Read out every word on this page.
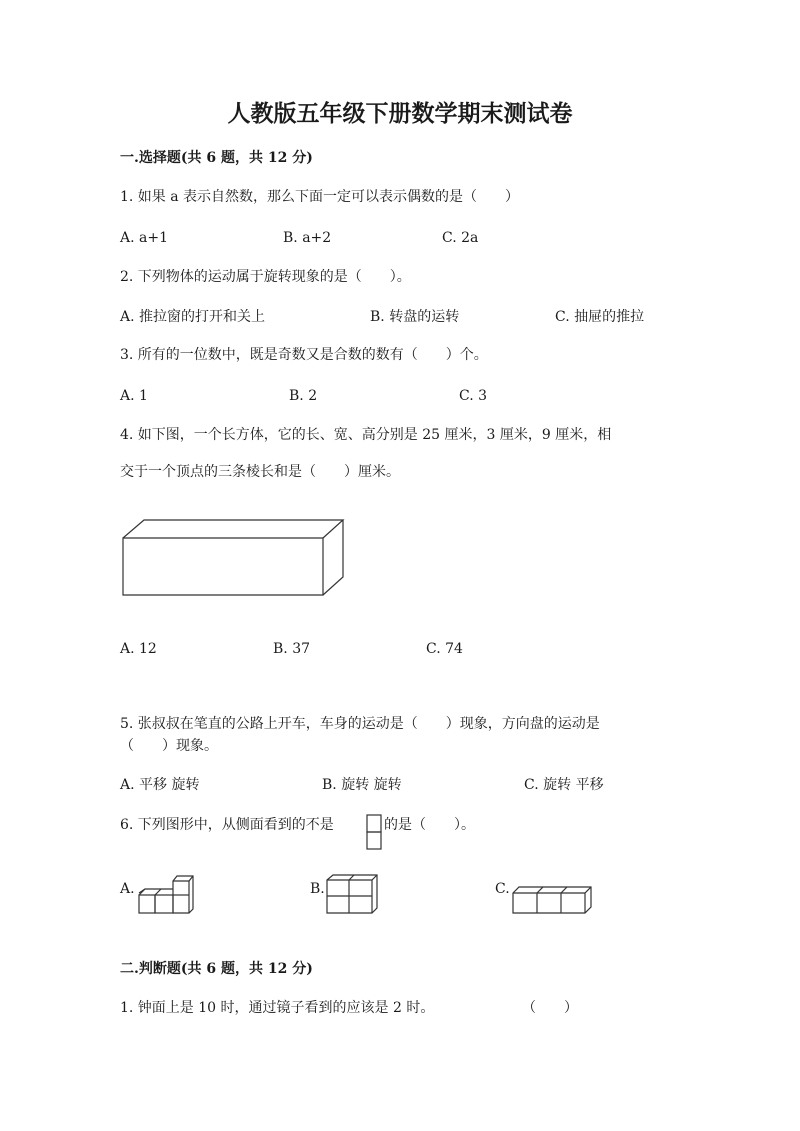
人教版五年级下册数学期末测试卷
一.选择题(共 6 题，共 12 分)
1. 如果 a 表示自然数，那么下面一定可以表示偶数的是（　　）
A. a+1	B. a+2	C. 2a
2. 下列物体的运动属于旋转现象的是（　　）。
A. 推拉窗的打开和关上	B. 转盘的运转	C. 抽屉的推拉
3. 所有的一位数中，既是奇数又是合数的数有（　　）个。
A. 1	B. 2	C. 3
4. 如下图，一个长方体，它的长、宽、高分别是 25 厘米，3 厘米，9 厘米，相
交于一个顶点的三条棱长和是（　　）厘米。
A. 12	B. 37	C. 74
5. 张叔叔在笔直的公路上开车，车身的运动是（　　）现象，方向盘的运动是
（　　）现象。
A. 平移 旋转	B. 旋转 旋转	C. 旋转 平移
6. 下列图形中，从侧面看到的不是	的是（　　）。
A.	B.	C.
二.判断题(共 6 题，共 12 分)
1. 钟面上是 10 时，通过镜子看到的应该是 2 时。	（　　）
